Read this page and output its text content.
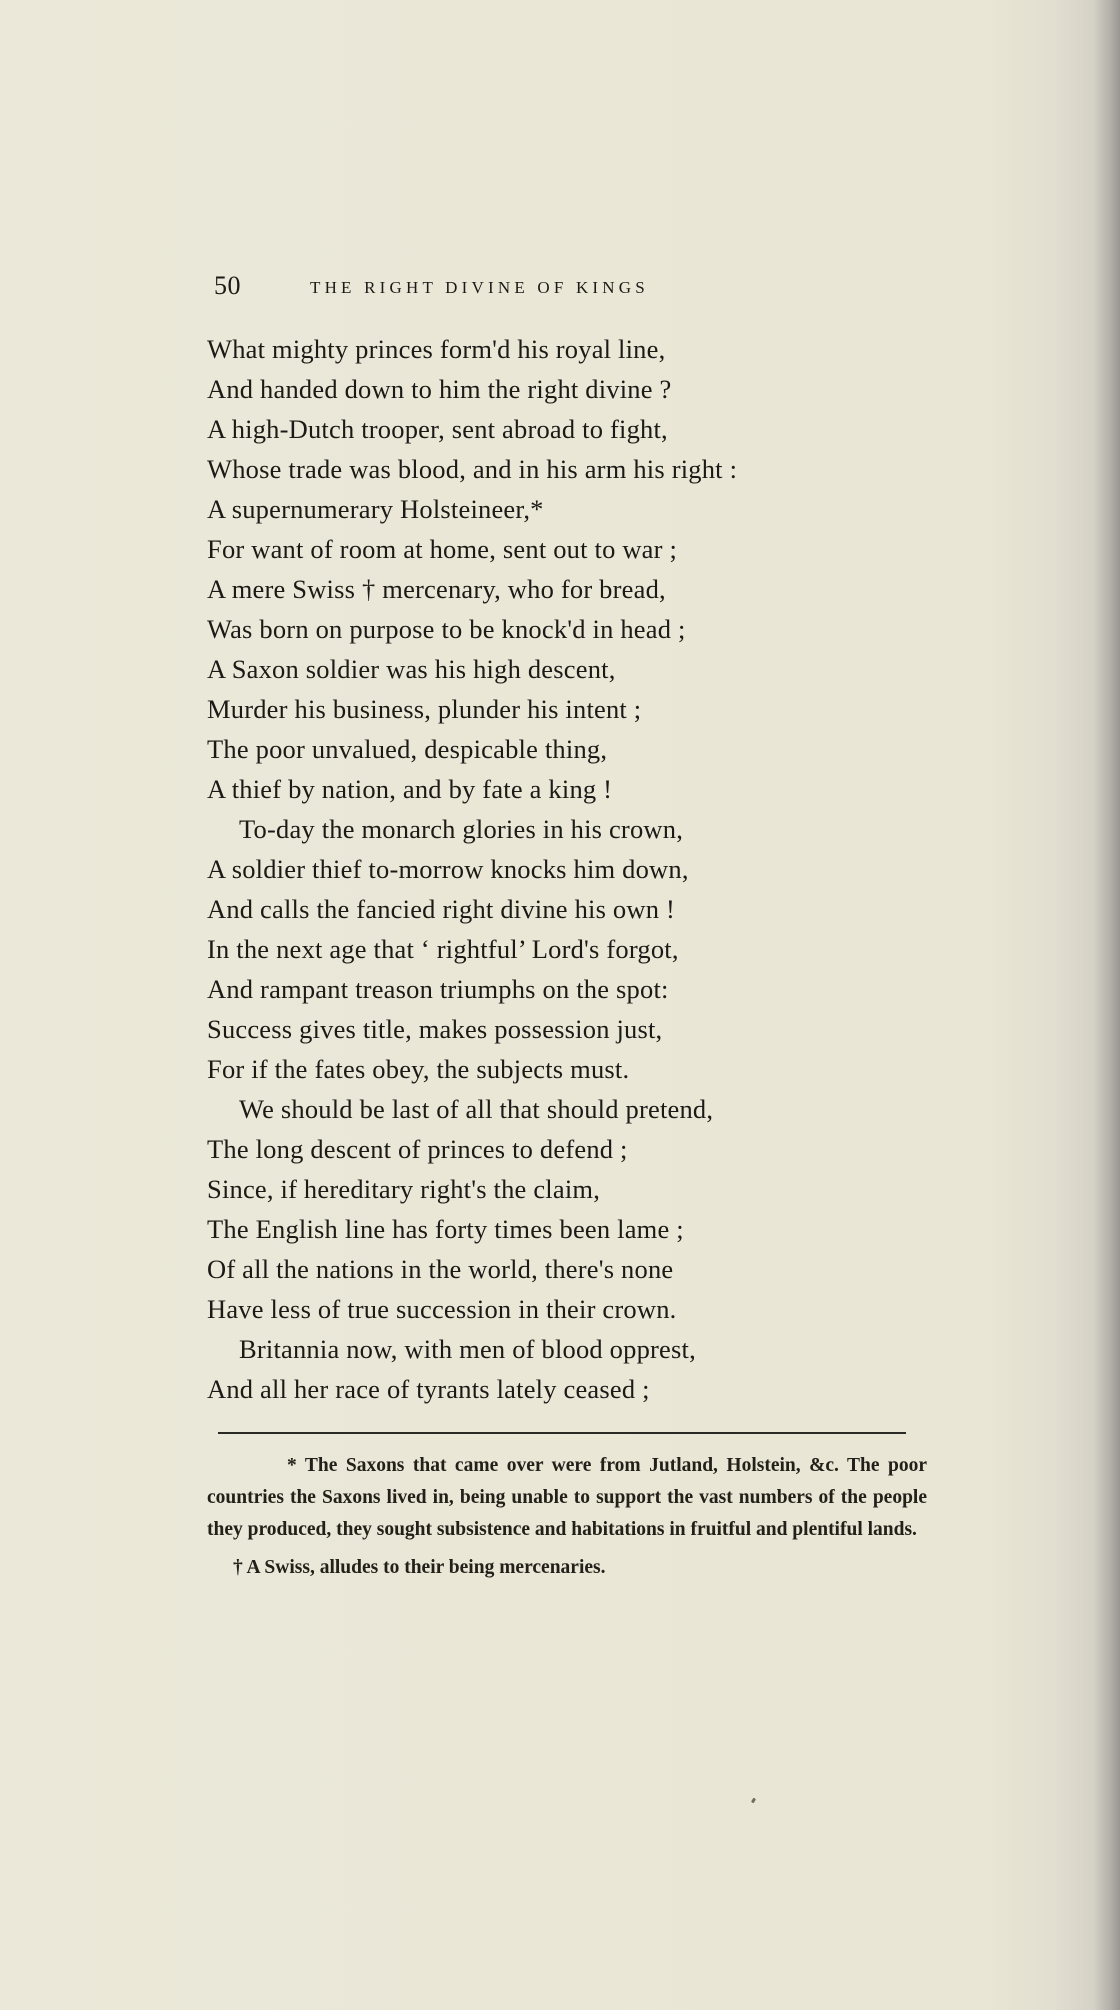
50	THE RIGHT DIVINE OF KINGS
What mighty princes form'd his royal line,
And handed down to him the right divine ?
A high-Dutch trooper, sent abroad to fight,
Whose trade was blood, and in his arm his right :
A supernumerary Holsteineer,*
For want of room at home, sent out to war ;
A mere Swiss † mercenary, who for bread,
Was born on purpose to be knock'd in head ;
A Saxon soldier was his high descent,
Murder his business, plunder his intent ;
The poor unvalued, despicable thing,
A thief by nation, and by fate a king !
To-day the monarch glories in his crown,
A soldier thief to-morrow knocks him down,
And calls the fancied right divine his own !
In the next age that ‘ rightful’ Lord's forgot,
And rampant treason triumphs on the spot:
Success gives title, makes possession just,
For if the fates obey, the subjects must.
We should be last of all that should pretend,
The long descent of princes to defend ;
Since, if hereditary right's the claim,
The English line has forty times been lame ;
Of all the nations in the world, there's none
Have less of true succession in their crown.
Britannia now, with men of blood opprest,
And all her race of tyrants lately ceased ;
* The Saxons that came over were from Jutland, Holstein, &c. The poor countries the Saxons lived in, being unable to support the vast numbers of the people they produced, they sought subsistence and habitations in fruitful and plentiful lands.
† A Swiss, alludes to their being mercenaries.
